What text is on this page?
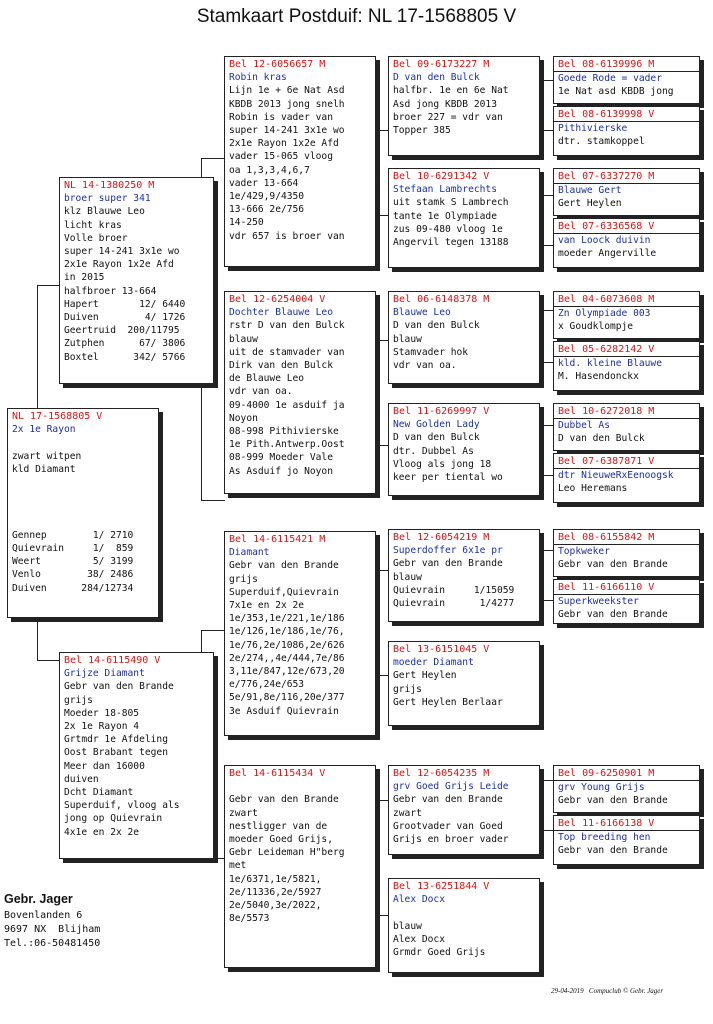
Stamkaart Postduif: NL 17-1568805 V
NL 17-1568805 V
2x 1e Rayon

zwart witpen
kld Diamant

Gennep        1/ 2710
Quievrain     1/  859
Weert         5/ 3199
Venlo        38/ 2486
Duiven      284/12734
NL 14-1380250 M
broer super 341
klz Blauwe Leo
licht kras
Volle broer
super 14-241 3x1e wo
2x1e Rayon 1x2e Afd
in 2015
halfbroer 13-664
Hapert       12/ 6440
Duiven        4/ 1726
Geertruid  200/11795
Zutphen      67/ 3806
Boxtel      342/ 5766
Bel 14-6115490 V
Grijze Diamant
Gebr van den Brande
grijs
Moeder 18-805
2x 1e Rayon 4
Grtmdr 1e Afdeling
Oost Brabant tegen
Meer dan 16000
duiven
Dcht Diamant
Superduif, vloog als
jong op Quievrain
4x1e en 2x 2e
Bel 12-6056657 M
Robin kras
Lijn 1e + 6e Nat Asd
KBDB 2013 jong snelh
Robin is vader van
super 14-241 3x1e wo
2x1e Rayon 1x2e Afd
vader 15-065 vloog
oa 1,3,3,4,6,7
vader 13-664
1e/429,9/4350
13-666 2e/756
14-250
vdr 657 is broer van
Bel 12-6254004 V
Dochter Blauwe Leo
rstr D van den Bulck
blauw
uit de stamvader van
Dirk van den Bulck
de Blauwe Leo
vdr van oa.
09-4000 1e asduif ja
Noyon
08-998 Pithivierske
1e Pith.Antwerp.Oost
08-999 Moeder Vale
As Asduif jo Noyon
Bel 14-6115421 M
Diamant
Gebr van den Brande
grijs
Superduif,Quievrain
7x1e en 2x 2e
1e/353,1e/221,1e/186
1e/126,1e/186,1e/76,
1e/76,2e/1086,2e/626
2e/274,,4e/444,7e/86
3,11e/847,12e/673,20
e/776,24e/653
5e/91,8e/116,20e/377
3e Asduif Quievrain
Bel 14-6115434 V

Gebr van den Brande
zwart
nestligger van de
moeder Goed Grijs,
Gebr Leideman H"berg
met
1e/6371,1e/5821,
2e/11336,2e/5927
2e/5040,3e/2022,
8e/5573
Bel 09-6173227 M
D van den Bulck
halfbr. 1e en 6e Nat
Asd jong KBDB 2013
broer 227 = vdr van
Topper 385
Bel 10-6291342 V
Stefaan Lambrechts
uit stamk S Lambrech
tante 1e Olympiade
zus 09-480 vloog 1e
Angervil tegen 13188
Bel 06-6148378 M
Blauwe Leo
D van den Bulck
blauw
Stamvader hok
vdr van oa.
Bel 11-6269997 V
New Golden Lady
D van den Bulck
dtr. Dubbel As
Vloog als jong 18
keer per tiental wo
Bel 12-6054219 M
Superdoffer 6x1e pr
Gebr van den Brande
blauw
Quievrain     1/15059
Quievrain      1/4277
Bel 13-6151045 V
moeder Diamant
Gert Heylen
grijs
Gert Heylen Berlaar
Bel 12-6054235 M
grv Goed Grijs Leide
Gebr van den Brande
zwart
Grootvader van Goed
Grijs en broer vader
Bel 13-6251844 V
Alex Docx

blauw
Alex Docx
Grmdr Goed Grijs
Bel 08-6139996 M
Goede Rode = vader
1e Nat asd KBDB jong
Bel 08-6139998 V
Pithivierske
dtr. stamkoppel
Bel 07-6337270 M
Blauwe Gert
Gert Heylen
Bel 07-6336568 V
van Loock duivin
moeder Angerville
Bel 04-6073608 M
Zn Olympiade 003
x Goudklompje
Bel 05-6282142 V
kld. kleine Blauwe
M. Hasendonckx
Bel 10-6272018 M
Dubbel As
D van den Bulck
Bel 07-6387871 V
dtr NieuweRxEenoogsk
Leo Heremans
Bel 08-6155842 M
Topkweker
Gebr van den Brande
Bel 11-6166110 V
Superkweekster
Gebr van den Brande
Bel 09-6250901 M
grv Young Grijs
Gebr van den Brande
Bel 11-6166138 V
Top breeding hen
Gebr van den Brande
Gebr. Jager
Bovenlanden 6
9697 NX  Blijham
Tel.:06-50481450
29-04-2019   Compuclub © Gebr. Jager
